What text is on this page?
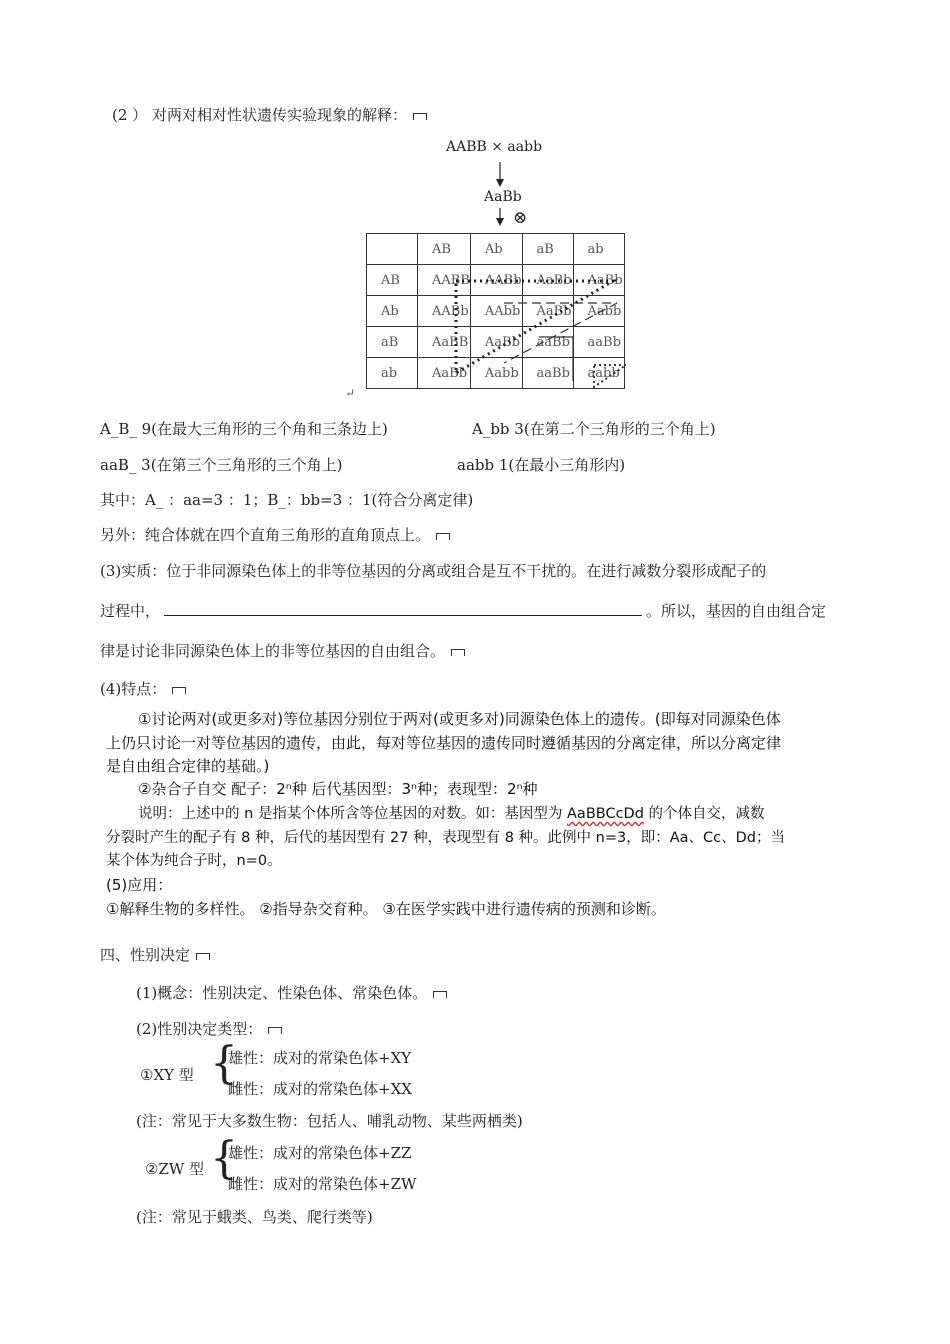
(2 ） 对两对相对性状遗传实验现象的解释：
AABB × aabb
AaBb
⊗
	AB	Ab	aB	ab
AB	AABB	AABb	AaBb	AaBb
Ab	AABb	AAbb	AaBb	Aabb
aB	AaBB	AaBb	aaBb	aaBb
ab	AaBb	Aabb	aaBb	aabb
↵
A_B_ 9(在最大三角形的三个角和三条边上)	A_bb 3(在第二个三角形的三个角上)
aaB_ 3(在第三个三角形的三个角上)	aabb 1(在最小三角形内)
其中：A_ ：aa=3 ：1；B_：bb=3 ：1(符合分离定律)
另外：纯合体就在四个直角三角形的直角顶点上。
(3)实质：位于非同源染色体上的非等位基因的分离或组合是互不干扰的。在进行减数分裂形成配子的
过程中，	。所以，基因的自由组合定
律是讨论非同源染色体上的非等位基因的自由组合。
(4)特点：
①讨论两对(或更多对)等位基因分别位于两对(或更多对)同源染色体上的遗传。(即每对同源染色体
上仍只讨论一对等位基因的遗传，由此，每对等位基因的遗传同时遵循基因的分离定律，所以分离定律
是自由组合定律的基础。)
②杂合子自交 配子：2ⁿ种 后代基因型：3ⁿ种；表现型：2ⁿ种
说明：上述中的 n 是指某个体所含等位基因的对数。如：基因型为 AaBBCcDd 的个体自交，减数
分裂时产生的配子有 8 种，后代的基因型有 27 种，表现型有 8 种。此例中 n=3，即：Aa、Cc、Dd；当
某个体为纯合子时，n=0。
(5)应用：
①解释生物的多样性。 ②指导杂交育种。 ③在医学实践中进行遗传病的预测和诊断。
四、性别决定
(1)概念：性别决定、性染色体、常染色体。
(2)性别决定类型：
①XY 型 {
雄性：成对的常染色体+XY
雌性：成对的常染色体+XX
(注：常见于大多数生物：包括人、哺乳动物、某些两栖类)
②ZW 型 {
雄性：成对的常染色体+ZZ
雌性：成对的常染色体+ZW
(注：常见于蛾类、鸟类、爬行类等)
